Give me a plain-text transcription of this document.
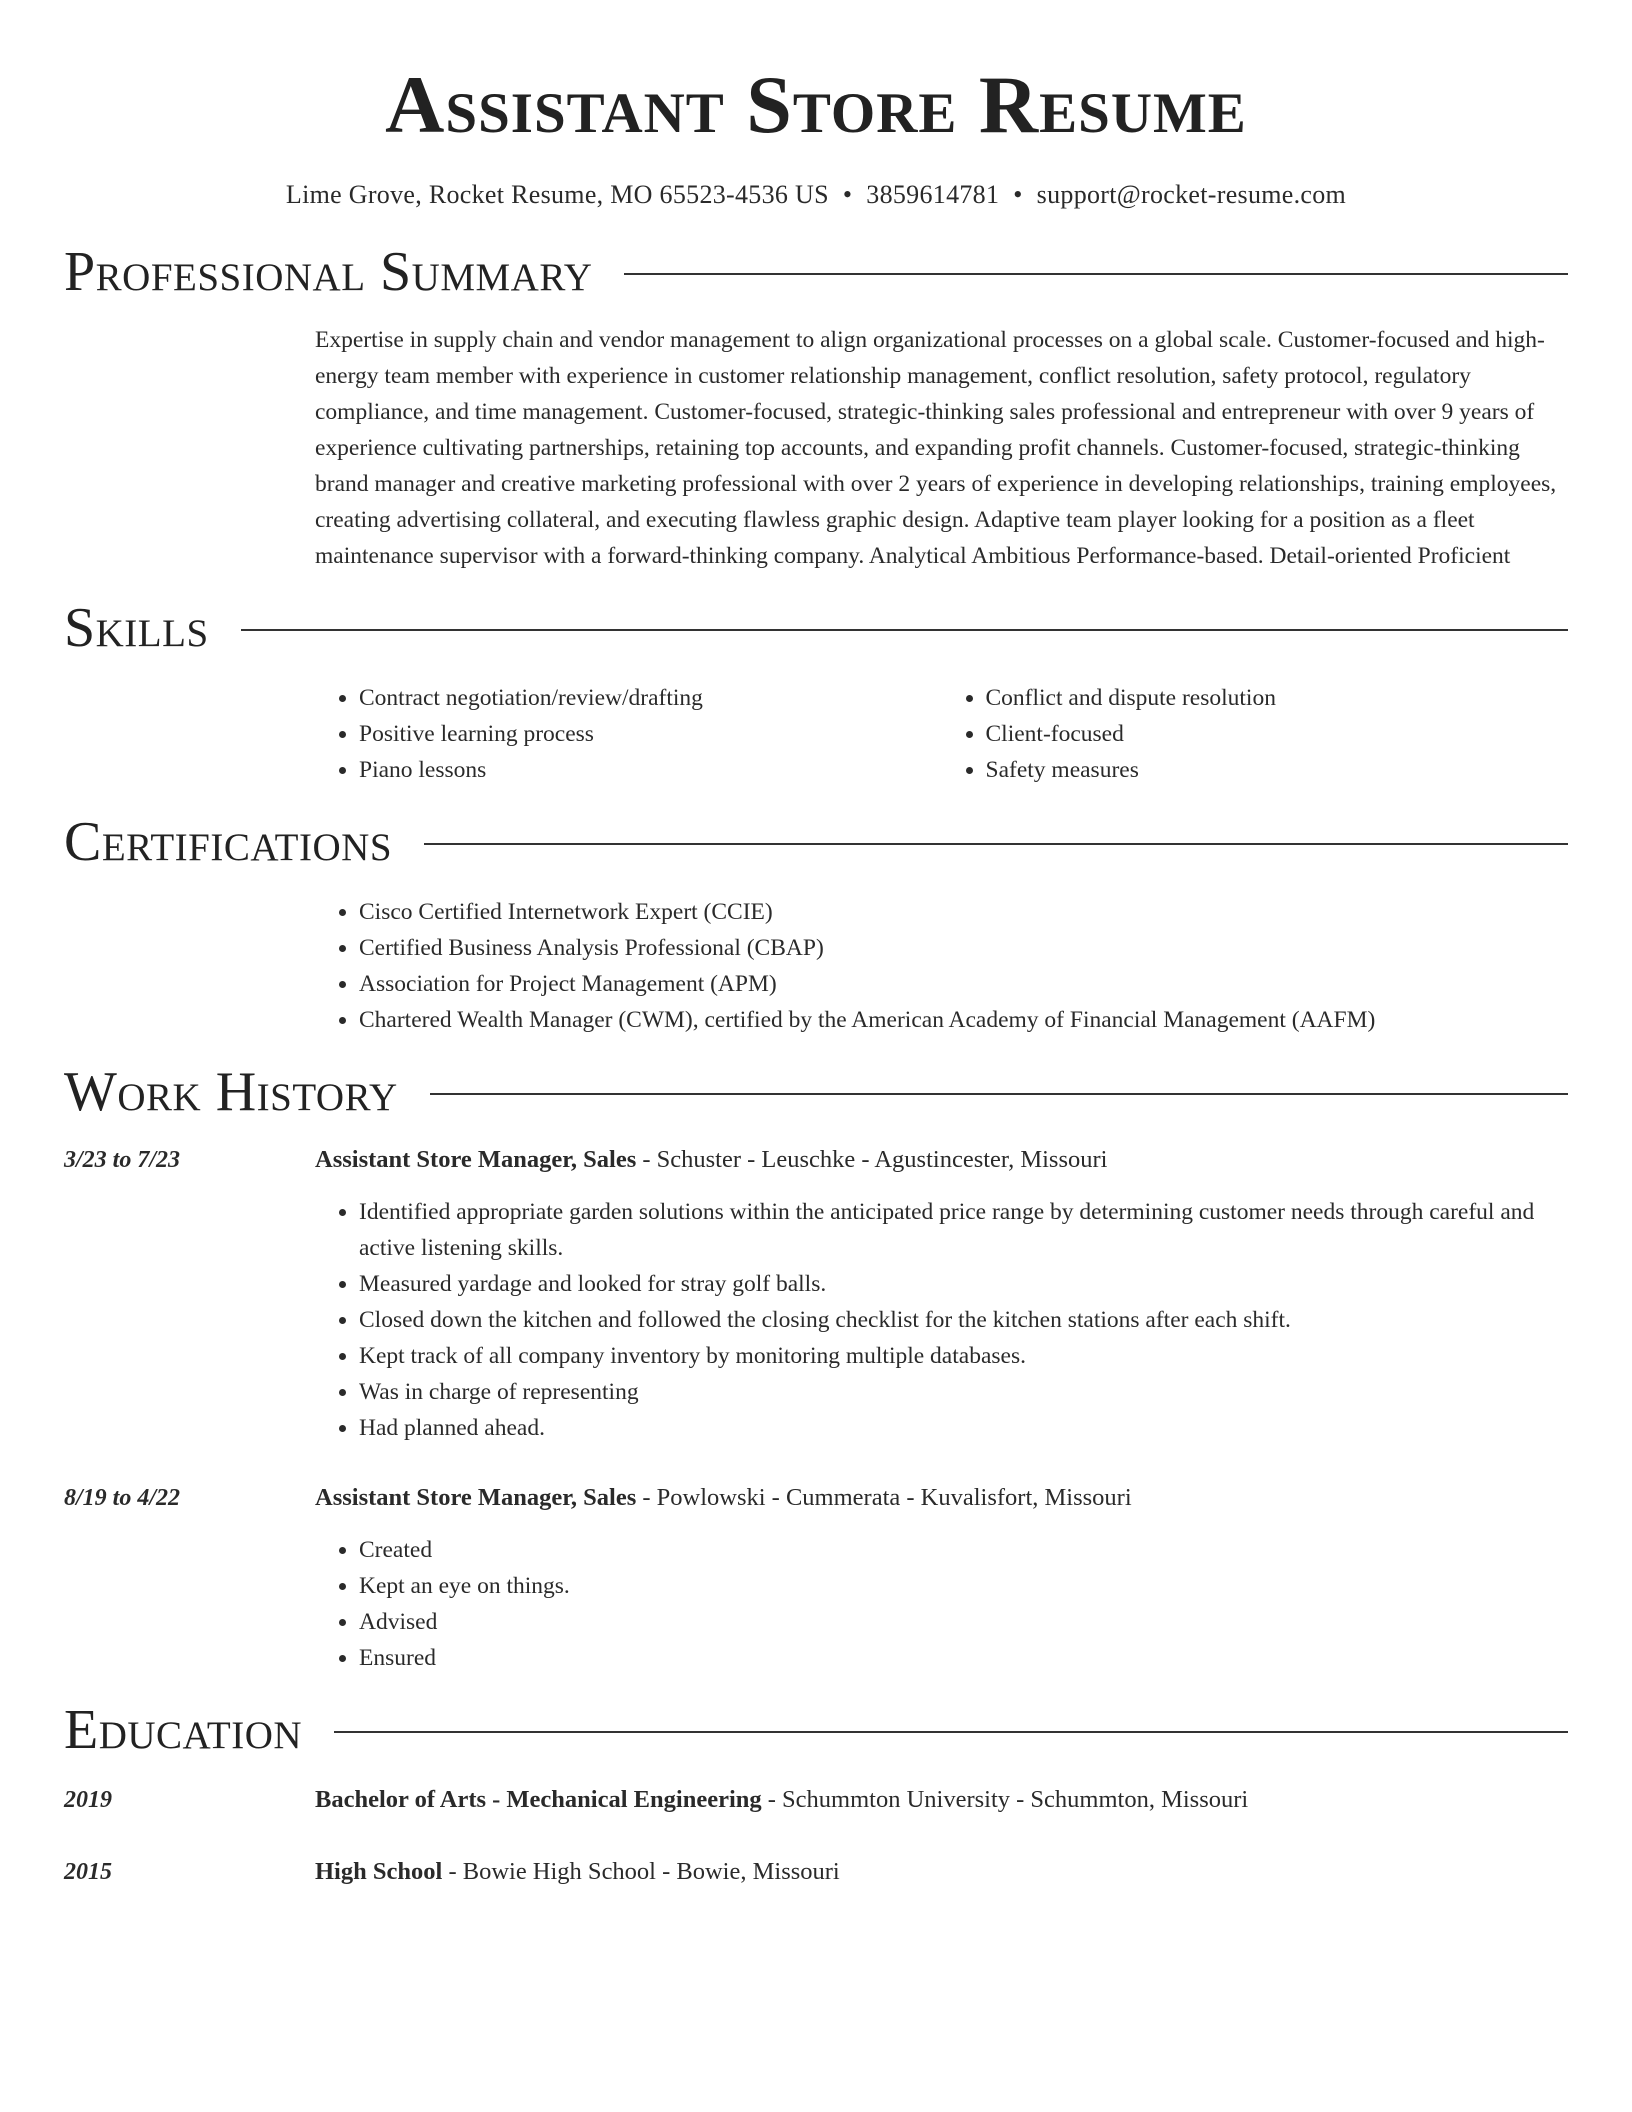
Assistant Store Resume
Lime Grove, Rocket Resume, MO 65523-4536 US • 3859614781 • support@rocket-resume.com
Professional Summary

Expertise in supply chain and vendor management to align organizational processes on a global scale. Customer-focused and high-energy team member with experience in customer relationship management, conflict resolution, safety protocol, regulatory compliance, and time management. Customer-focused, strategic-thinking sales professional and entrepreneur with over 9 years of experience cultivating partnerships, retaining top accounts, and expanding profit channels. Customer-focused, strategic-thinking brand manager and creative marketing professional with over 2 years of experience in developing relationships, training employees, creating advertising collateral, and executing flawless graphic design. Adaptive team player looking for a position as a fleet maintenance supervisor with a forward-thinking company. Analytical Ambitious Performance-based. Detail-oriented Proficient

Skills
• Contract negotiation/review/drafting
• Positive learning process
• Piano lessons
• Conflict and dispute resolution
• Client-focused
• Safety measures
Certifications
• Cisco Certified Internetwork Expert (CCIE)
• Certified Business Analysis Professional (CBAP)
• Association for Project Management (APM)
• Chartered Wealth Manager (CWM), certified by the American Academy of Financial Management (AAFM)
Work History
3/23 to 7/23	Assistant Store Manager, Sales - Schuster - Leuschke - Agustincester, Missouri
• Identified appropriate garden solutions within the anticipated price range by determining customer needs through careful and active listening skills.
• Measured yardage and looked for stray golf balls.
• Closed down the kitchen and followed the closing checklist for the kitchen stations after each shift.
• Kept track of all company inventory by monitoring multiple databases.
• Was in charge of representing
• Had planned ahead.
8/19 to 4/22	Assistant Store Manager, Sales - Powlowski - Cummerata - Kuvalisfort, Missouri
• Created
• Kept an eye on things.
• Advised
• Ensured
Education
2019	Bachelor of Arts - Mechanical Engineering - Schummton University - Schummton, Missouri
2015	High School - Bowie High School - Bowie, Missouri
